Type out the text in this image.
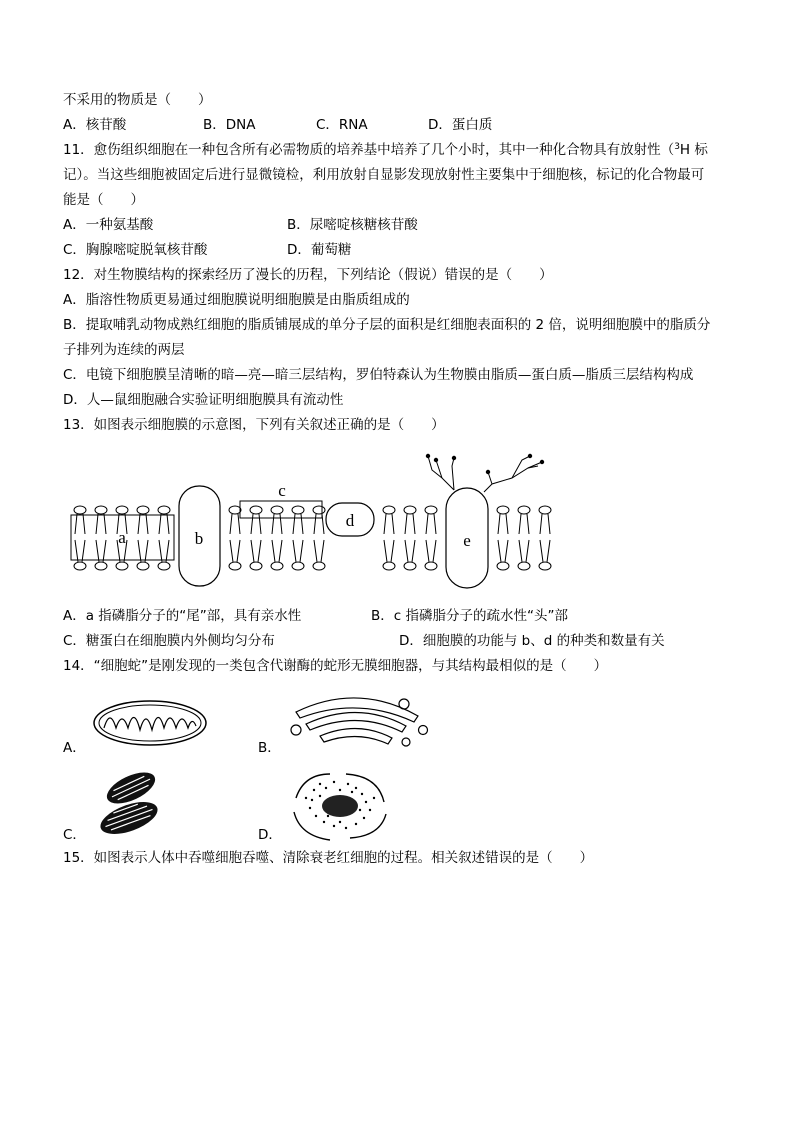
不采用的物质是（　　）
A．核苷酸	B．DNA	C．RNA	D．蛋白质
11．愈伤组织细胞在一种包含所有必需物质的培养基中培养了几个小时，其中一种化合物具有放射性（$^3$H 标
记）。当这些细胞被固定后进行显微镜检，利用放射自显影发现放射性主要集中于细胞核，标记的化合物最可
能是（　　）
A．一种氨基酸	B．尿嘧啶核糖核苷酸
C．胸腺嘧啶脱氧核苷酸	D．葡萄糖
12．对生物膜结构的探索经历了漫长的历程，下列结论（假说）错误的是（　　）
A．脂溶性物质更易通过细胞膜说明细胞膜是由脂质组成的
B．提取哺乳动物成熟红细胞的脂质铺展成的单分子层的面积是红细胞表面积的 2 倍，说明细胞膜中的脂质分
子排列为连续的两层
C．电镜下细胞膜呈清晰的暗—亮—暗三层结构，罗伯特森认为生物膜由脂质—蛋白质—脂质三层结构构成
D．人—鼠细胞融合实验证明细胞膜具有流动性
13．如图表示细胞膜的示意图，下列有关叙述正确的是（　　）
a	b
c
d
e
A．a 指磷脂分子的“尾”部，具有亲水性	B．c 指磷脂分子的疏水性“头”部
C．糖蛋白在细胞膜内外侧均匀分布	D．细胞膜的功能与 b、d 的种类和数量有关
14．“细胞蛇”是刚发现的一类包含代谢酶的蛇形无膜细胞器，与其结构最相似的是（　　）
A．	B．
C．	D．
15．如图表示人体中吞噬细胞吞噬、清除衰老红细胞的过程。相关叙述错误的是（　　）
